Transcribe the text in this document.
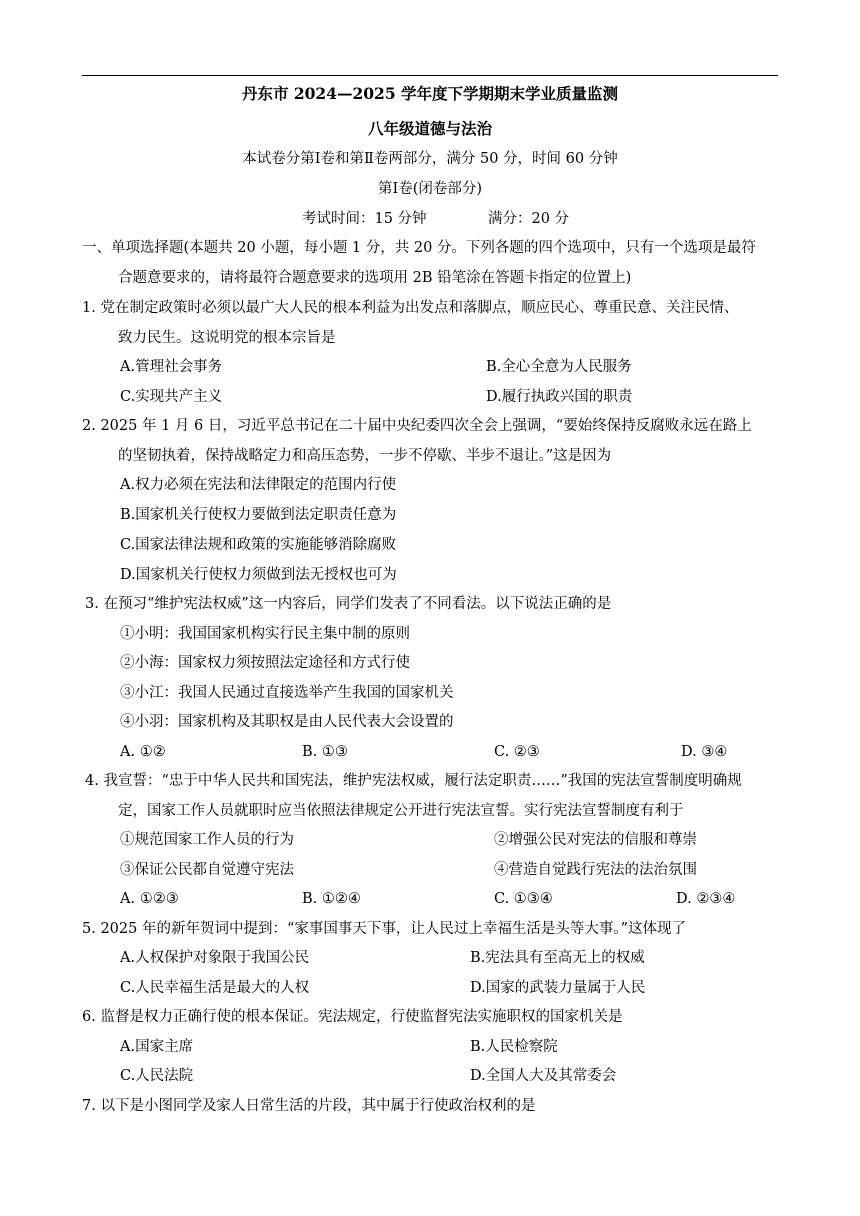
丹东市 2024—2025 学年度下学期期末学业质量监测
八年级道德与法治
本试卷分第Ⅰ卷和第Ⅱ卷两部分，满分 50 分，时间 60 分钟
第Ⅰ卷(闭卷部分)
考试时间：15 分钟	满分：20 分
一、单项选择题(本题共 20 小题，每小题 1 分，共 20 分。下列各题的四个选项中，只有一个选项是最符
合题意要求的，请将最符合题意要求的选项用 2B 铅笔涂在答题卡指定的位置上)
1. 党在制定政策时必须以最广大人民的根本利益为出发点和落脚点，顺应民心、尊重民意、关注民情、
致力民生。这说明党的根本宗旨是
A.管理社会事务	B.全心全意为人民服务
C.实现共产主义	D.履行执政兴国的职责
2. 2025 年 1 月 6 日，习近平总书记在二十届中央纪委四次全会上强调，“要始终保持反腐败永远在路上
的坚韧执着，保持战略定力和高压态势，一步不停歇、半步不退让。”这是因为
A.权力必须在宪法和法律限定的范围内行使
B.国家机关行使权力要做到法定职责任意为
C.国家法律法规和政策的实施能够消除腐败
D.国家机关行使权力须做到法无授权也可为
3. 在预习“维护宪法权威”这一内容后，同学们发表了不同看法。以下说法正确的是
①小明：我国国家机构实行民主集中制的原则
②小海：国家权力须按照法定途径和方式行使
③小江：我国人民通过直接选举产生我国的国家机关
④小羽：国家机构及其职权是由人民代表大会设置的
A. ①②	B. ①③	C. ②③	D. ③④
4. 我宣誓：“忠于中华人民共和国宪法，维护宪法权威，履行法定职责……”我国的宪法宣誓制度明确规
定，国家工作人员就职时应当依照法律规定公开进行宪法宣誓。实行宪法宣誓制度有利于
①规范国家工作人员的行为	②增强公民对宪法的信服和尊崇
③保证公民都自觉遵守宪法	④营造自觉践行宪法的法治氛围
A. ①②③	B. ①②④	C. ①③④	D. ②③④
5. 2025 年的新年贺词中提到：“家事国事天下事，让人民过上幸福生活是头等大事。”这体现了
A.人权保护对象限于我国公民	B.宪法具有至高无上的权威
C.人民幸福生活是最大的人权	D.国家的武装力量属于人民
6. 监督是权力正确行使的根本保证。宪法规定，行使监督宪法实施职权的国家机关是
A.国家主席	B.人民检察院
C.人民法院	D.全国人大及其常委会
7. 以下是小图同学及家人日常生活的片段，其中属于行使政治权利的是
